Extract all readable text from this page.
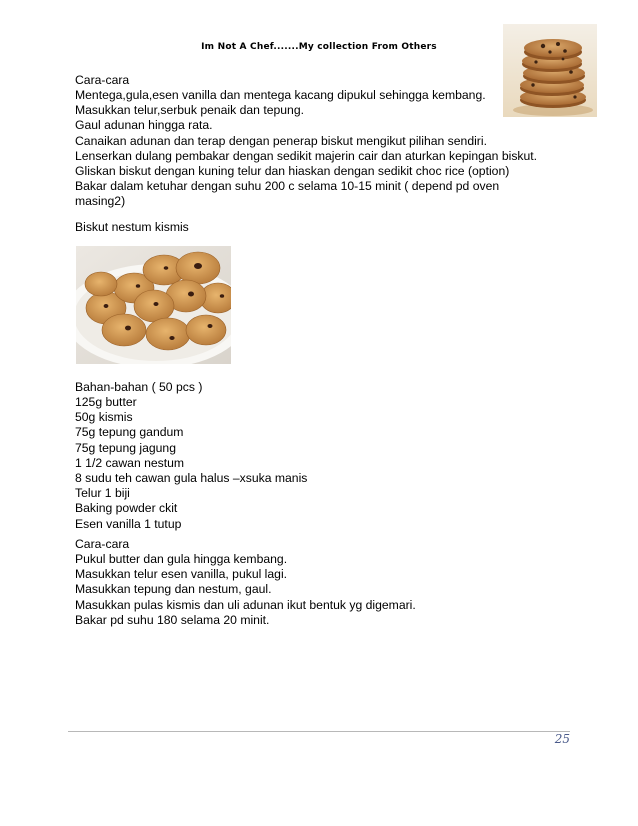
Im Not A Chef.......My collection From Others
Cara-cara
Mentega,gula,esen vanilla dan mentega kacang dipukul sehingga kembang.
Masukkan telur,serbuk penaik dan tepung.
Gaul adunan hingga rata.
Canaikan adunan dan terap dengan penerap biskut mengikut pilihan sendiri.
Lenserkan dulang pembakar dengan sedikit majerin cair dan aturkan kepingan biskut.
Gliskan biskut dengan kuning telur dan hiaskan dengan sedikit choc rice (option)
Bakar dalam ketuhar dengan suhu 200 c selama 10-15 minit ( depend pd oven
masing2)
Biskut nestum kismis
Bahan-bahan ( 50 pcs )
125g butter
50g kismis
75g tepung gandum
75g tepung jagung
1 1/2 cawan nestum
8 sudu teh cawan gula halus –xsuka manis
Telur 1 biji
Baking powder ckit
Esen vanilla 1 tutup
Cara-cara
Pukul butter dan gula hingga kembang.
Masukkan telur esen vanilla, pukul lagi.
Masukkan tepung dan nestum, gaul.
Masukkan pulas kismis dan uli adunan ikut bentuk yg digemari.
Bakar pd suhu 180 selama 20 minit.
25
